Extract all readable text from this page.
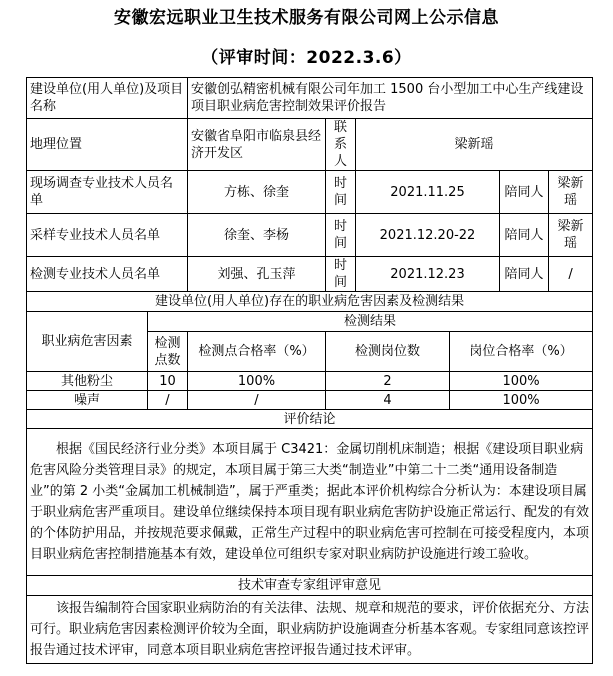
安徽宏远职业卫生技术服务有限公司网上公示信息
（评审时间：2022.3.6）
建设单位(用人单位)及项目名称		安徽创弘精密机械有限公司年加工 1500 台小型加工中心生产线建设项目职业病危害控制效果评价报告					
地理位置		安徽省阜阳市临泉县经济开发区	联系人	梁新瑶			
现场调查专业技术人员名单		方栋、徐奎	时间	2021.11.25		陪同人	梁新瑶
采样专业技术人员名单		徐奎、李杨	时间	2021.12.20-22		陪同人	梁新瑶
检测专业技术人员名单		刘强、孔玉萍	时间	2021.12.23		陪同人	/
建设单位(用人单位)存在的职业病危害因素及检测结果							
职业病危害因素	检测结果						
	检测点数	检测点合格率（%）	检测岗位数		岗位合格率（%）		
其他粉尘	10	100%	2		100%		
噪声	/	/	4		100%		
评价结论							
根据《国民经济行业分类》本项目属于 C3421：金属切削机床制造；根据《建设项目职业病危害风险分类管理目录》的规定，本项目属于第三大类“制造业”中第二十二类“通用设备制造业”的第 2 小类“金属加工机械制造”，属于严重类；据此本评价机构综合分析认为：本建设项目属于职业病危害严重项目。建设单位继续保持本项目现有职业病危害防护设施正常运行、配发的有效的个体防护用品，并按规范要求佩戴，正常生产过程中的职业病危害可控制在可接受程度内，本项目职业病危害控制措施基本有效，建设单位可组织专家对职业病防护设施进行竣工验收。							
技术审查专家组评审意见							
该报告编制符合国家职业病防治的有关法律、法规、规章和规范的要求，评价依据充分、方法可行。职业病危害因素检测评价较为全面，职业病防护设施调查分析基本客观。专家组同意该控评报告通过技术评审，同意本项目职业病危害控评报告通过技术评审。							
